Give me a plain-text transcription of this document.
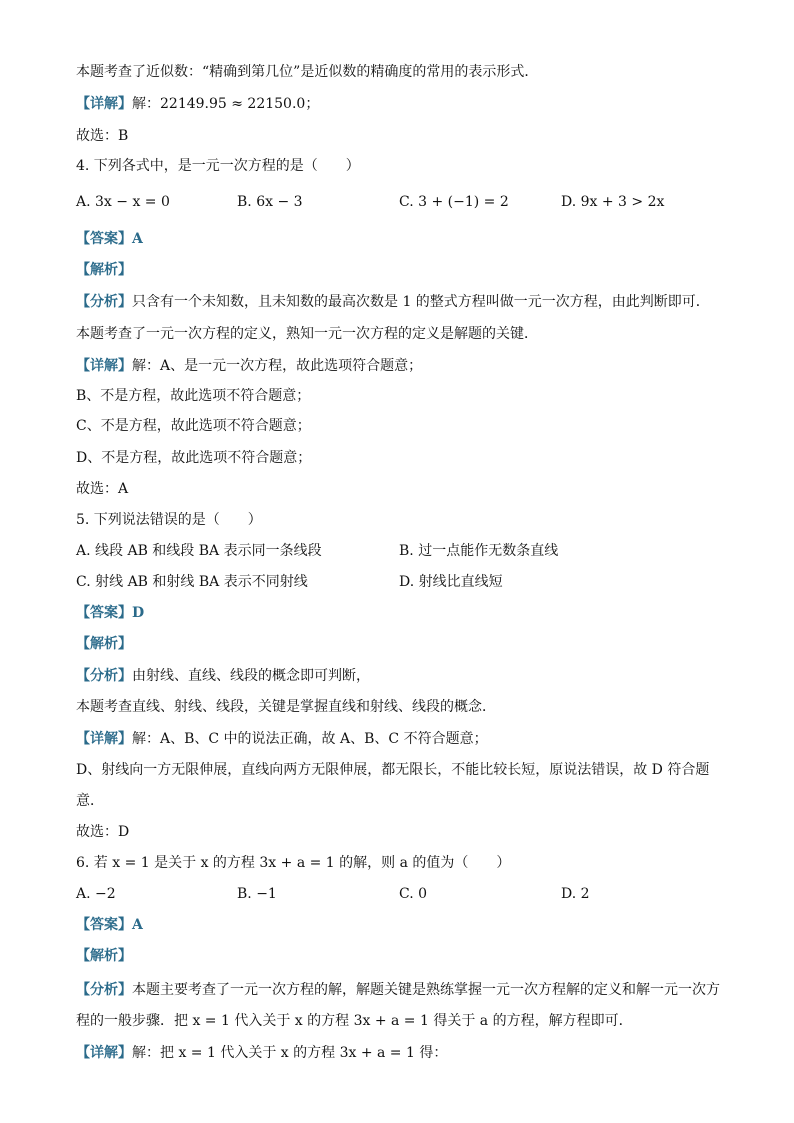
本题考查了近似数：“精确到第几位”是近似数的精确度的常用的表示形式．
【详解】解：22149.95 ≈ 22150.0；
故选：B
4. 下列各式中，是一元一次方程的是（　　）
A. 3x − x = 0	B. 6x − 3	C. 3 + (−1) = 2	D. 9x + 3 > 2x
【答案】A
【解析】
【分析】只含有一个未知数，且未知数的最高次数是 1 的整式方程叫做一元一次方程，由此判断即可．
本题考查了一元一次方程的定义，熟知一元一次方程的定义是解题的关键．
【详解】解：A、是一元一次方程，故此选项符合题意；
B、不是方程，故此选项不符合题意；
C、不是方程，故此选项不符合题意；
D、不是方程，故此选项不符合题意；
故选：A
5. 下列说法错误的是（　　）
A. 线段 AB 和线段 BA 表示同一条线段	B. 过一点能作无数条直线
C. 射线 AB 和射线 BA 表示不同射线	D. 射线比直线短
【答案】D
【解析】
【分析】由射线、直线、线段的概念即可判断，
本题考查直线、射线、线段，关键是掌握直线和射线、线段的概念．
【详解】解：A、B、C 中的说法正确，故 A、B、C 不符合题意；
D、射线向一方无限伸展，直线向两方无限伸展，都无限长，不能比较长短，原说法错误，故 D 符合题
意．
故选：D
6. 若 x = 1 是关于 x 的方程 3x + a = 1 的解，则 a 的值为（　　）
A. −2	B. −1	C. 0	D. 2
【答案】A
【解析】
【分析】本题主要考查了一元一次方程的解，解题关键是熟练掌握一元一次方程解的定义和解一元一次方
程的一般步骤．把 x = 1 代入关于 x 的方程 3x + a = 1 得关于 a 的方程，解方程即可．
【详解】解：把 x = 1 代入关于 x 的方程 3x + a = 1 得：
